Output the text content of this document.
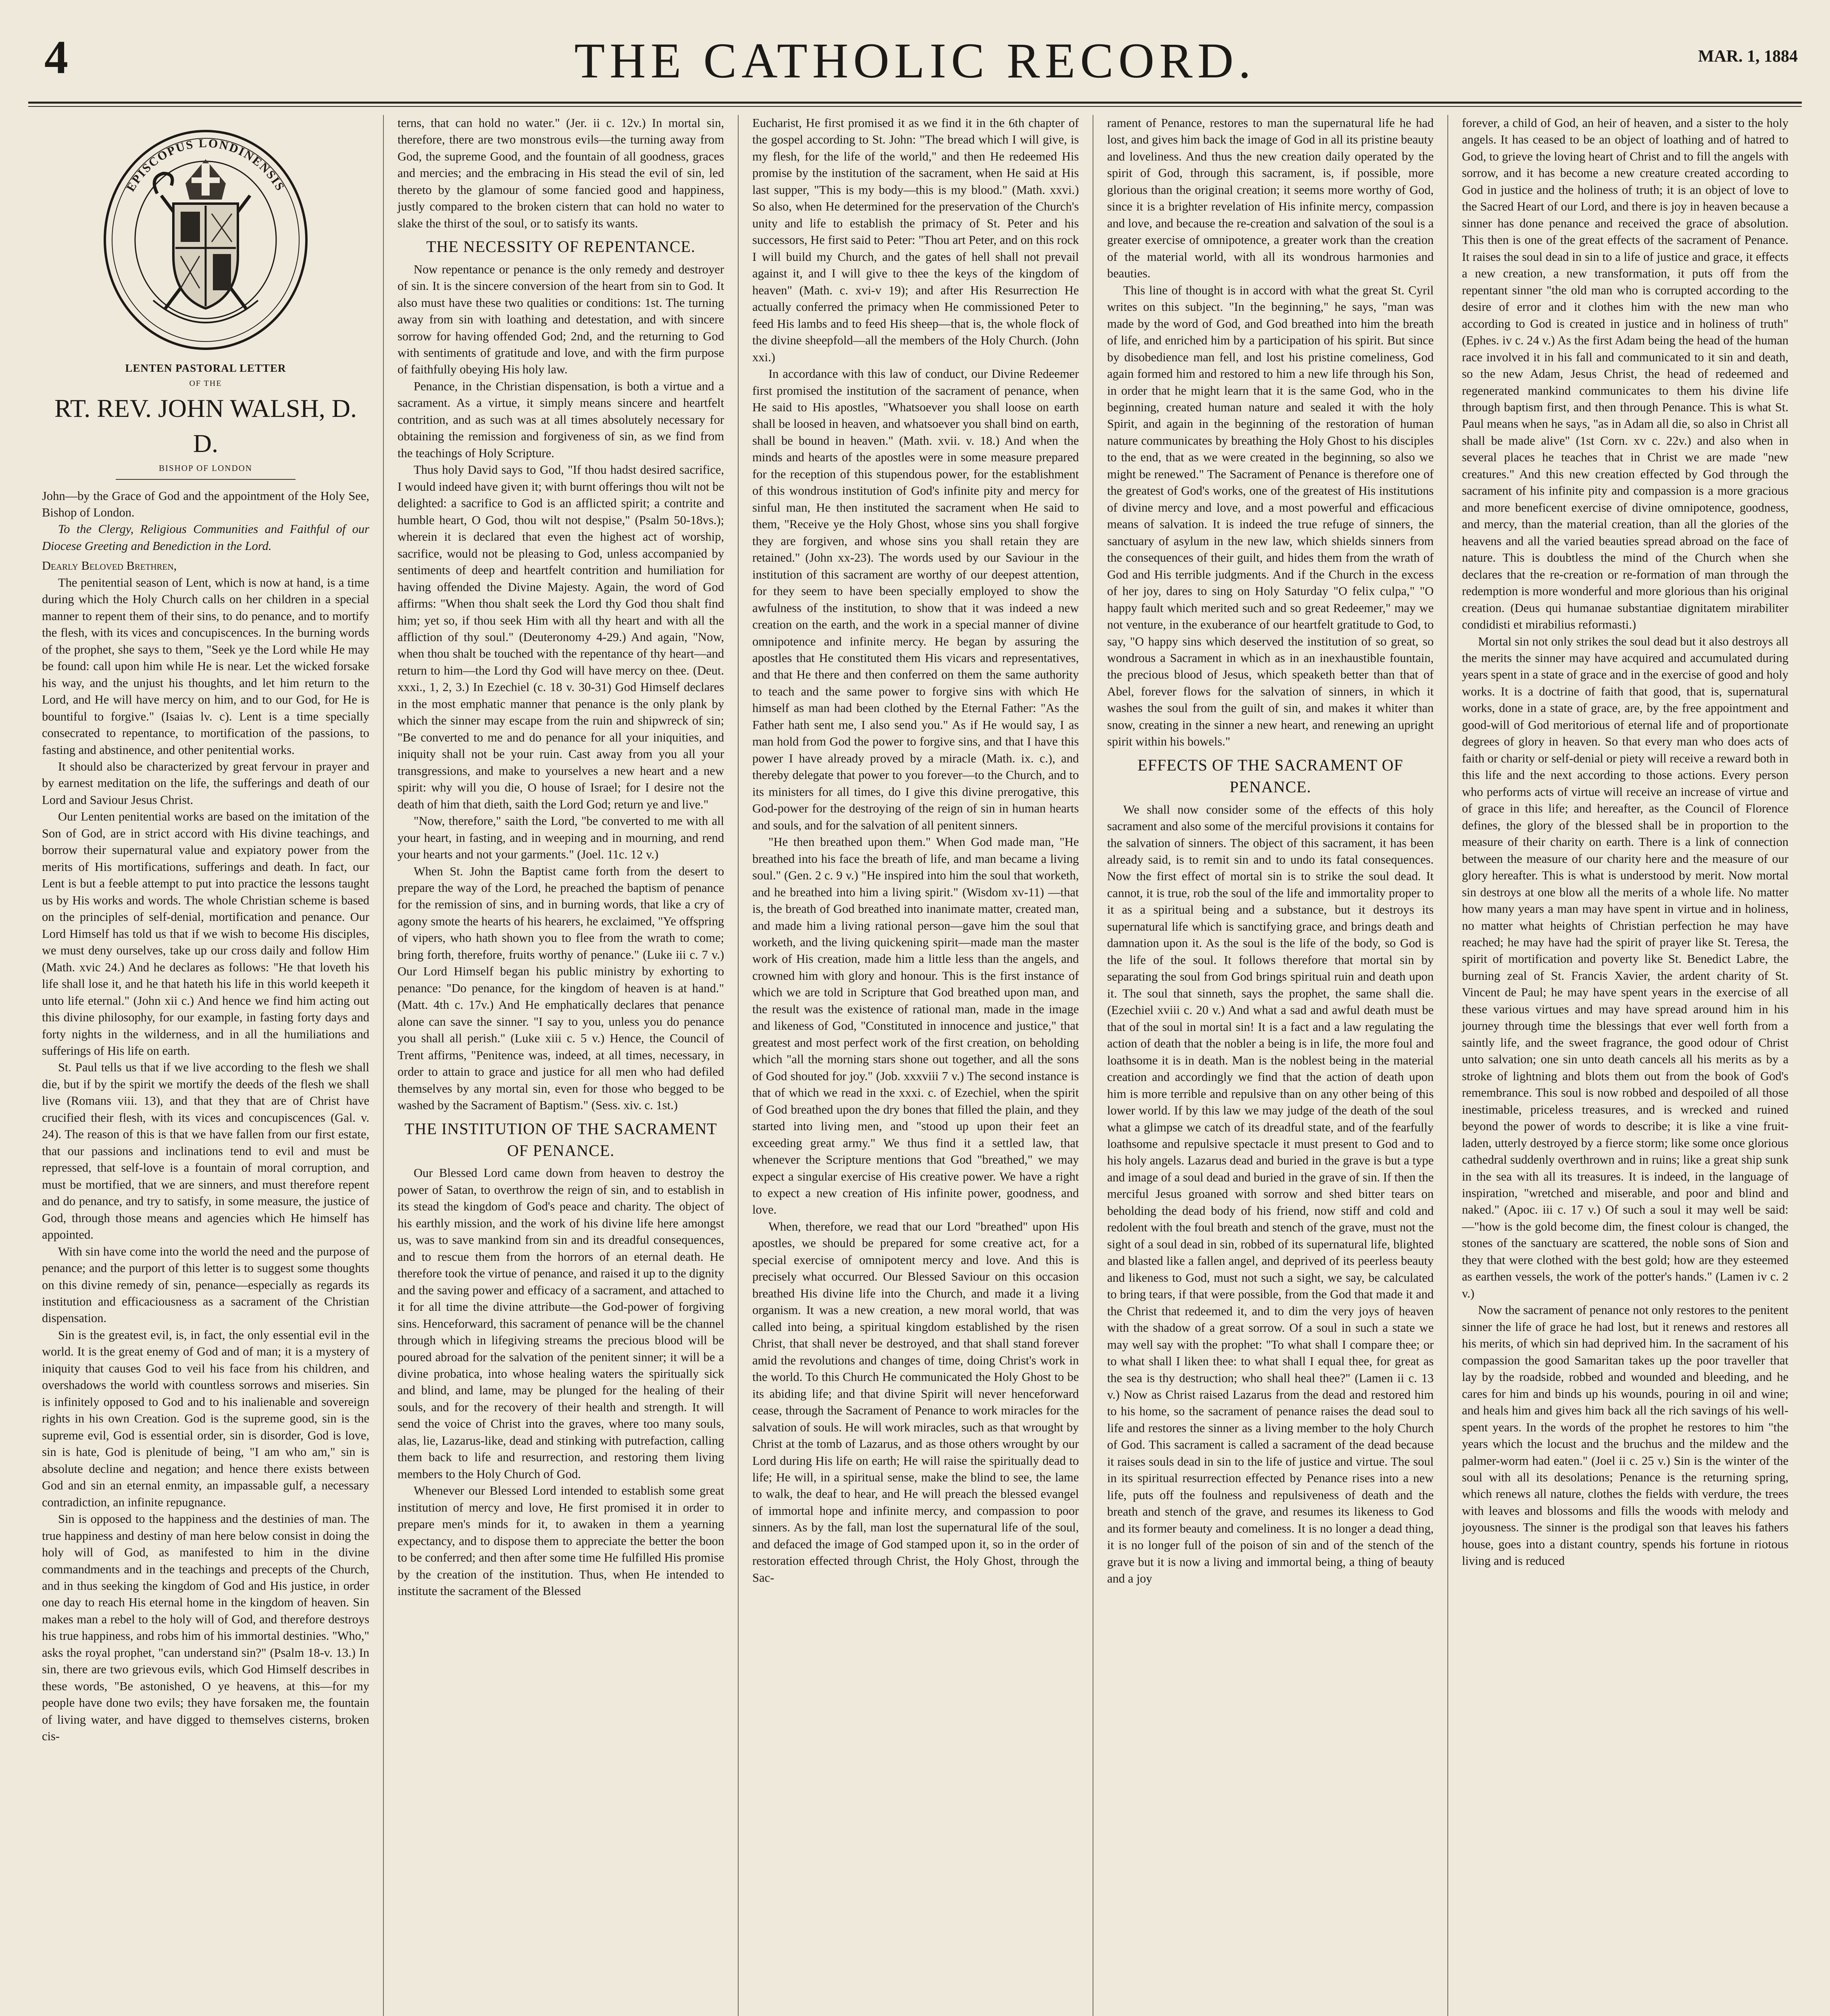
4	THE CATHOLIC RECORD.	MAR. 1, 1884
EPISCOPUS LONDINENSIS
LENTEN PASTORAL LETTER
OF THE
RT. REV. JOHN WALSH, D. D.
BISHOP OF LONDON

John—by the Grace of God and the appointment of the Holy See, Bishop of London.

To the Clergy, Religious Communities and Faithful of our Diocese Greeting and Benediction in the Lord.

Dearly Beloved Brethren,

The penitential season of Lent, which is now at hand, is a time during which the Holy Church calls on her children in a special manner to repent them of their sins, to do penance, and to mortify the flesh, with its vices and concupiscences. In the burning words of the prophet, she says to them, "Seek ye the Lord while He may be found: call upon him while He is near. Let the wicked forsake his way, and the unjust his thoughts, and let him return to the Lord, and He will have mercy on him, and to our God, for He is bountiful to forgive." (Isaias lv. c). Lent is a time specially consecrated to repentance, to mortification of the passions, to fasting and abstinence, and other penitential works.

It should also be characterized by great fervour in prayer and by earnest meditation on the life, the sufferings and death of our Lord and Saviour Jesus Christ.

Our Lenten penitential works are based on the imitation of the Son of God, are in strict accord with His divine teachings, and borrow their supernatural value and expiatory power from the merits of His mortifications, sufferings and death. In fact, our Lent is but a feeble attempt to put into practice the lessons taught us by His works and words. The whole Christian scheme is based on the principles of self-denial, mortification and penance. Our Lord Himself has told us that if we wish to become His disciples, we must deny ourselves, take up our cross daily and follow Him (Math. xvic 24.) And he declares as follows: "He that loveth his life shall lose it, and he that hateth his life in this world keepeth it unto life eternal." (John xii c.) And hence we find him acting out this divine philosophy, for our example, in fasting forty days and forty nights in the wilderness, and in all the humiliations and sufferings of His life on earth.

St. Paul tells us that if we live according to the flesh we shall die, but if by the spirit we mortify the deeds of the flesh we shall live (Romans viii. 13), and that they that are of Christ have crucified their flesh, with its vices and concupiscences (Gal. v. 24). The reason of this is that we have fallen from our first estate, that our passions and inclinations tend to evil and must be repressed, that self-love is a fountain of moral corruption, and must be mortified, that we are sinners, and must therefore repent and do penance, and try to satisfy, in some measure, the justice of God, through those means and agencies which He himself has appointed.

With sin have come into the world the need and the purpose of penance; and the purport of this letter is to suggest some thoughts on this divine remedy of sin, penance—especially as regards its institution and efficaciousness as a sacrament of the Christian dispensation.

Sin is the greatest evil, is, in fact, the only essential evil in the world. It is the great enemy of God and of man; it is a mystery of iniquity that causes God to veil his face from his children, and overshadows the world with countless sorrows and miseries. Sin is infinitely opposed to God and to his inalienable and sovereign rights in his own Creation. God is the supreme good, sin is the supreme evil, God is essential order, sin is disorder, God is love, sin is hate, God is plenitude of being, "I am who am," sin is absolute decline and negation; and hence there exists between God and sin an eternal enmity, an impassable gulf, a necessary contradiction, an infinite repugnance.

Sin is opposed to the happiness and the destinies of man. The true happiness and destiny of man here below consist in doing the holy will of God, as manifested to him in the divine commandments and in the teachings and precepts of the Church, and in thus seeking the kingdom of God and His justice, in order one day to reach His eternal home in the kingdom of heaven. Sin makes man a rebel to the holy will of God, and therefore destroys his true happiness, and robs him of his immortal destinies. "Who," asks the royal prophet, "can understand sin?" (Psalm 18-v. 13.) In sin, there are two grievous evils, which God Himself describes in these words, "Be astonished, O ye heavens, at this—for my people have done two evils; they have forsaken me, the fountain of living water, and have digged to themselves cisterns, broken cis-

terns, that can hold no water." (Jer. ii c. 12v.) In mortal sin, therefore, there are two monstrous evils—the turning away from God, the supreme Good, and the fountain of all goodness, graces and mercies; and the embracing in His stead the evil of sin, led thereto by the glamour of some fancied good and happiness, justly compared to the broken cistern that can hold no water to slake the thirst of the soul, or to satisfy its wants.

THE NECESSITY OF REPENTANCE.

Now repentance or penance is the only remedy and destroyer of sin. It is the sincere conversion of the heart from sin to God. It also must have these two qualities or conditions: 1st. The turning away from sin with loathing and detestation, and with sincere sorrow for having offended God; 2nd, and the returning to God with sentiments of gratitude and love, and with the firm purpose of faithfully obeying His holy law.

Penance, in the Christian dispensation, is both a virtue and a sacrament. As a virtue, it simply means sincere and heartfelt contrition, and as such was at all times absolutely necessary for obtaining the remission and forgiveness of sin, as we find from the teachings of Holy Scripture.

Thus holy David says to God, "If thou hadst desired sacrifice, I would indeed have given it; with burnt offerings thou wilt not be delighted: a sacrifice to God is an afflicted spirit; a contrite and humble heart, O God, thou wilt not despise," (Psalm 50-18vs.); wherein it is declared that even the highest act of worship, sacrifice, would not be pleasing to God, unless accompanied by sentiments of deep and heartfelt contrition and humiliation for having offended the Divine Majesty. Again, the word of God affirms: "When thou shalt seek the Lord thy God thou shalt find him; yet so, if thou seek Him with all thy heart and with all the affliction of thy soul." (Deuteronomy 4-29.) And again, "Now, when thou shalt be touched with the repentance of thy heart—and return to him—the Lord thy God will have mercy on thee. (Deut. xxxi., 1, 2, 3.) In Ezechiel (c. 18 v. 30-31) God Himself declares in the most emphatic manner that penance is the only plank by which the sinner may escape from the ruin and shipwreck of sin; "Be converted to me and do penance for all your iniquities, and iniquity shall not be your ruin. Cast away from you all your transgressions, and make to yourselves a new heart and a new spirit: why will you die, O house of Israel; for I desire not the death of him that dieth, saith the Lord God; return ye and live."

"Now, therefore," saith the Lord, "be converted to me with all your heart, in fasting, and in weeping and in mourning, and rend your hearts and not your garments." (Joel. 11c. 12 v.)

When St. John the Baptist came forth from the desert to prepare the way of the Lord, he preached the baptism of penance for the remission of sins, and in burning words, that like a cry of agony smote the hearts of his hearers, he exclaimed, "Ye offspring of vipers, who hath shown you to flee from the wrath to come; bring forth, therefore, fruits worthy of penance." (Luke iii c. 7 v.) Our Lord Himself began his public ministry by exhorting to penance: "Do penance, for the kingdom of heaven is at hand." (Matt. 4th c. 17v.) And He emphatically declares that penance alone can save the sinner. "I say to you, unless you do penance you shall all perish." (Luke xiii c. 5 v.) Hence, the Council of Trent affirms, "Penitence was, indeed, at all times, necessary, in order to attain to grace and justice for all men who had defiled themselves by any mortal sin, even for those who begged to be washed by the Sacrament of Baptism." (Sess. xiv. c. 1st.)

THE INSTITUTION OF THE SACRAMENT OF PENANCE.

Our Blessed Lord came down from heaven to destroy the power of Satan, to overthrow the reign of sin, and to establish in its stead the kingdom of God's peace and charity. The object of his earthly mission, and the work of his divine life here amongst us, was to save mankind from sin and its dreadful consequences, and to rescue them from the horrors of an eternal death. He therefore took the virtue of penance, and raised it up to the dignity and the saving power and efficacy of a sacrament, and attached to it for all time the divine attribute—the God-power of forgiving sins. Henceforward, this sacrament of penance will be the channel through which in lifegiving streams the precious blood will be poured abroad for the salvation of the penitent sinner; it will be a divine probatica, into whose healing waters the spiritually sick and blind, and lame, may be plunged for the healing of their souls, and for the recovery of their health and strength. It will send the voice of Christ into the graves, where too many souls, alas, lie, Lazarus-like, dead and stinking with putrefaction, calling them back to life and resurrection, and restoring them living members to the Holy Church of God.

Whenever our Blessed Lord intended to establish some great institution of mercy and love, He first promised it in order to prepare men's minds for it, to awaken in them a yearning expectancy, and to dispose them to appreciate the better the boon to be conferred; and then after some time He fulfilled His promise by the creation of the institution. Thus, when He intended to institute the sacrament of the Blessed

Eucharist, He first promised it as we find it in the 6th chapter of the gospel according to St. John: "The bread which I will give, is my flesh, for the life of the world," and then He redeemed His promise by the institution of the sacrament, when He said at His last supper, "This is my body—this is my blood." (Math. xxvi.) So also, when He determined for the preservation of the Church's unity and life to establish the primacy of St. Peter and his successors, He first said to Peter: "Thou art Peter, and on this rock I will build my Church, and the gates of hell shall not prevail against it, and I will give to thee the keys of the kingdom of heaven" (Math. c. xvi-v 19); and after His Resurrection He actually conferred the primacy when He commissioned Peter to feed His lambs and to feed His sheep—that is, the whole flock of the divine sheepfold—all the members of the Holy Church. (John xxi.)

In accordance with this law of conduct, our Divine Redeemer first promised the institution of the sacrament of penance, when He said to His apostles, "Whatsoever you shall loose on earth shall be loosed in heaven, and whatsoever you shall bind on earth, shall be bound in heaven." (Math. xvii. v. 18.) And when the minds and hearts of the apostles were in some measure prepared for the reception of this stupendous power, for the establishment of this wondrous institution of God's infinite pity and mercy for sinful man, He then instituted the sacrament when He said to them, "Receive ye the Holy Ghost, whose sins you shall forgive they are forgiven, and whose sins you shall retain they are retained." (John xx-23). The words used by our Saviour in the institution of this sacrament are worthy of our deepest attention, for they seem to have been specially employed to show the awfulness of the institution, to show that it was indeed a new creation on the earth, and the work in a special manner of divine omnipotence and infinite mercy. He began by assuring the apostles that He constituted them His vicars and representatives, and that He there and then conferred on them the same authority to teach and the same power to forgive sins with which He himself as man had been clothed by the Eternal Father: "As the Father hath sent me, I also send you." As if He would say, I as man hold from God the power to forgive sins, and that I have this power I have already proved by a miracle (Math. ix. c.), and thereby delegate that power to you forever—to the Church, and to its ministers for all times, do I give this divine prerogative, this God-power for the destroying of the reign of sin in human hearts and souls, and for the salvation of all penitent sinners.

"He then breathed upon them." When God made man, "He breathed into his face the breath of life, and man became a living soul." (Gen. 2 c. 9 v.) "He inspired into him the soul that worketh, and he breathed into him a living spirit." (Wisdom xv-11) —that is, the breath of God breathed into inanimate matter, created man, and made him a living rational person—gave him the soul that worketh, and the living quickening spirit—made man the master work of His creation, made him a little less than the angels, and crowned him with glory and honour. This is the first instance of which we are told in Scripture that God breathed upon man, and the result was the existence of rational man, made in the image and likeness of God, "Constituted in innocence and justice," that greatest and most perfect work of the first creation, on beholding which "all the morning stars shone out together, and all the sons of God shouted for joy." (Job. xxxviii 7 v.) The second instance is that of which we read in the xxxi. c. of Ezechiel, when the spirit of God breathed upon the dry bones that filled the plain, and they started into living men, and "stood up upon their feet an exceeding great army." We thus find it a settled law, that whenever the Scripture mentions that God "breathed," we may expect a singular exercise of His creative power. We have a right to expect a new creation of His infinite power, goodness, and love.

When, therefore, we read that our Lord "breathed" upon His apostles, we should be prepared for some creative act, for a special exercise of omnipotent mercy and love. And this is precisely what occurred. Our Blessed Saviour on this occasion breathed His divine life into the Church, and made it a living organism. It was a new creation, a new moral world, that was called into being, a spiritual kingdom established by the risen Christ, that shall never be destroyed, and that shall stand forever amid the revolutions and changes of time, doing Christ's work in the world. To this Church He communicated the Holy Ghost to be its abiding life; and that divine Spirit will never henceforward cease, through the Sacrament of Penance to work miracles for the salvation of souls. He will work miracles, such as that wrought by Christ at the tomb of Lazarus, and as those others wrought by our Lord during His life on earth; He will raise the spiritually dead to life; He will, in a spiritual sense, make the blind to see, the lame to walk, the deaf to hear, and He will preach the blessed evangel of immortal hope and infinite mercy, and compassion to poor sinners. As by the fall, man lost the supernatural life of the soul, and defaced the image of God stamped upon it, so in the order of restoration effected through Christ, the Holy Ghost, through the Sac-

rament of Penance, restores to man the supernatural life he had lost, and gives him back the image of God in all its pristine beauty and loveliness. And thus the new creation daily operated by the spirit of God, through this sacrament, is, if possible, more glorious than the original creation; it seems more worthy of God, since it is a brighter revelation of His infinite mercy, compassion and love, and because the re-creation and salvation of the soul is a greater exercise of omnipotence, a greater work than the creation of the material world, with all its wondrous harmonies and beauties.

This line of thought is in accord with what the great St. Cyril writes on this subject. "In the beginning," he says, "man was made by the word of God, and God breathed into him the breath of life, and enriched him by a participation of his spirit. But since by disobedience man fell, and lost his pristine comeliness, God again formed him and restored to him a new life through his Son, in order that he might learn that it is the same God, who in the beginning, created human nature and sealed it with the holy Spirit, and again in the beginning of the restoration of human nature communicates by breathing the Holy Ghost to his disciples to the end, that as we were created in the beginning, so also we might be renewed." The Sacrament of Penance is therefore one of the greatest of God's works, one of the greatest of His institutions of divine mercy and love, and a most powerful and efficacious means of salvation. It is indeed the true refuge of sinners, the sanctuary of asylum in the new law, which shields sinners from the consequences of their guilt, and hides them from the wrath of God and His terrible judgments. And if the Church in the excess of her joy, dares to sing on Holy Saturday "O felix culpa," "O happy fault which merited such and so great Redeemer," may we not venture, in the exuberance of our heartfelt gratitude to God, to say, "O happy sins which deserved the institution of so great, so wondrous a Sacrament in which as in an inexhaustible fountain, the precious blood of Jesus, which speaketh better than that of Abel, forever flows for the salvation of sinners, in which it washes the soul from the guilt of sin, and makes it whiter than snow, creating in the sinner a new heart, and renewing an upright spirit within his bowels."

EFFECTS OF THE SACRAMENT OF PENANCE.

We shall now consider some of the effects of this holy sacrament and also some of the merciful provisions it contains for the salvation of sinners. The object of this sacrament, it has been already said, is to remit sin and to undo its fatal consequences. Now the first effect of mortal sin is to strike the soul dead. It cannot, it is true, rob the soul of the life and immortality proper to it as a spiritual being and a substance, but it destroys its supernatural life which is sanctifying grace, and brings death and damnation upon it. As the soul is the life of the body, so God is the life of the soul. It follows therefore that mortal sin by separating the soul from God brings spiritual ruin and death upon it. The soul that sinneth, says the prophet, the same shall die. (Ezechiel xviii c. 20 v.) And what a sad and awful death must be that of the soul in mortal sin! It is a fact and a law regulating the action of death that the nobler a being is in life, the more foul and loathsome it is in death. Man is the noblest being in the material creation and accordingly we find that the action of death upon him is more terrible and repulsive than on any other being of this lower world. If by this law we may judge of the death of the soul what a glimpse we catch of its dreadful state, and of the fearfully loathsome and repulsive spectacle it must present to God and to his holy angels. Lazarus dead and buried in the grave is but a type and image of a soul dead and buried in the grave of sin. If then the merciful Jesus groaned with sorrow and shed bitter tears on beholding the dead body of his friend, now stiff and cold and redolent with the foul breath and stench of the grave, must not the sight of a soul dead in sin, robbed of its supernatural life, blighted and blasted like a fallen angel, and deprived of its peerless beauty and likeness to God, must not such a sight, we say, be calculated to bring tears, if that were possible, from the God that made it and the Christ that redeemed it, and to dim the very joys of heaven with the shadow of a great sorrow. Of a soul in such a state we may well say with the prophet: "To what shall I compare thee; or to what shall I liken thee: to what shall I equal thee, for great as the sea is thy destruction; who shall heal thee?" (Lamen ii c. 13 v.) Now as Christ raised Lazarus from the dead and restored him to his home, so the sacrament of penance raises the dead soul to life and restores the sinner as a living member to the holy Church of God. This sacrament is called a sacrament of the dead because it raises souls dead in sin to the life of justice and virtue. The soul in its spiritual resurrection effected by Penance rises into a new life, puts off the foulness and repulsiveness of death and the breath and stench of the grave, and resumes its likeness to God and its former beauty and comeliness. It is no longer a dead thing, it is no longer full of the poison of sin and of the stench of the grave but it is now a living and immortal being, a thing of beauty and a joy

forever, a child of God, an heir of heaven, and a sister to the holy angels. It has ceased to be an object of loathing and of hatred to God, to grieve the loving heart of Christ and to fill the angels with sorrow, and it has become a new creature created according to God in justice and the holiness of truth; it is an object of love to the Sacred Heart of our Lord, and there is joy in heaven because a sinner has done penance and received the grace of absolution. This then is one of the great effects of the sacrament of Penance. It raises the soul dead in sin to a life of justice and grace, it effects a new creation, a new transformation, it puts off from the repentant sinner "the old man who is corrupted according to the desire of error and it clothes him with the new man who according to God is created in justice and in holiness of truth" (Ephes. iv c. 24 v.) As the first Adam being the head of the human race involved it in his fall and communicated to it sin and death, so the new Adam, Jesus Christ, the head of redeemed and regenerated mankind communicates to them his divine life through baptism first, and then through Penance. This is what St. Paul means when he says, "as in Adam all die, so also in Christ all shall be made alive" (1st Corn. xv c. 22v.) and also when in several places he teaches that in Christ we are made "new creatures." And this new creation effected by God through the sacrament of his infinite pity and compassion is a more gracious and more beneficent exercise of divine omnipotence, goodness, and mercy, than the material creation, than all the glories of the heavens and all the varied beauties spread abroad on the face of nature. This is doubtless the mind of the Church when she declares that the re-creation or re-formation of man through the redemption is more wonderful and more glorious than his original creation. (Deus qui humanae substantiae dignitatem mirabiliter condidisti et mirabilius reformasti.)

Mortal sin not only strikes the soul dead but it also destroys all the merits the sinner may have acquired and accumulated during years spent in a state of grace and in the exercise of good and holy works. It is a doctrine of faith that good, that is, supernatural works, done in a state of grace, are, by the free appointment and good-will of God meritorious of eternal life and of proportionate degrees of glory in heaven. So that every man who does acts of faith or charity or self-denial or piety will receive a reward both in this life and the next according to those actions. Every person who performs acts of virtue will receive an increase of virtue and of grace in this life; and hereafter, as the Council of Florence defines, the glory of the blessed shall be in proportion to the measure of their charity on earth. There is a link of connection between the measure of our charity here and the measure of our glory hereafter. This is what is understood by merit. Now mortal sin destroys at one blow all the merits of a whole life. No matter how many years a man may have spent in virtue and in holiness, no matter what heights of Christian perfection he may have reached; he may have had the spirit of prayer like St. Teresa, the spirit of mortification and poverty like St. Benedict Labre, the burning zeal of St. Francis Xavier, the ardent charity of St. Vincent de Paul; he may have spent years in the exercise of all these various virtues and may have spread around him in his journey through time the blessings that ever well forth from a saintly life, and the sweet fragrance, the good odour of Christ unto salvation; one sin unto death cancels all his merits as by a stroke of lightning and blots them out from the book of God's remembrance. This soul is now robbed and despoiled of all those inestimable, priceless treasures, and is wrecked and ruined beyond the power of words to describe; it is like a vine fruit-laden, utterly destroyed by a fierce storm; like some once glorious cathedral suddenly overthrown and in ruins; like a great ship sunk in the sea with all its treasures. It is indeed, in the language of inspiration, "wretched and miserable, and poor and blind and naked." (Apoc. iii c. 17 v.) Of such a soul it may well be said:—"how is the gold become dim, the finest colour is changed, the stones of the sanctuary are scattered, the noble sons of Sion and they that were clothed with the best gold; how are they esteemed as earthen vessels, the work of the potter's hands." (Lamen iv c. 2 v.)

Now the sacrament of penance not only restores to the penitent sinner the life of grace he had lost, but it renews and restores all his merits, of which sin had deprived him. In the sacrament of his compassion the good Samaritan takes up the poor traveller that lay by the roadside, robbed and wounded and bleeding, and he cares for him and binds up his wounds, pouring in oil and wine; and heals him and gives him back all the rich savings of his well-spent years. In the words of the prophet he restores to him "the years which the locust and the bruchus and the mildew and the palmer-worm had eaten." (Joel ii c. 25 v.) Sin is the winter of the soul with all its desolations; Penance is the returning spring, which renews all nature, clothes the fields with verdure, the trees with leaves and blossoms and fills the woods with melody and joyousness. The sinner is the prodigal son that leaves his fathers house, goes into a distant country, spends his fortune in riotous living and is reduced
